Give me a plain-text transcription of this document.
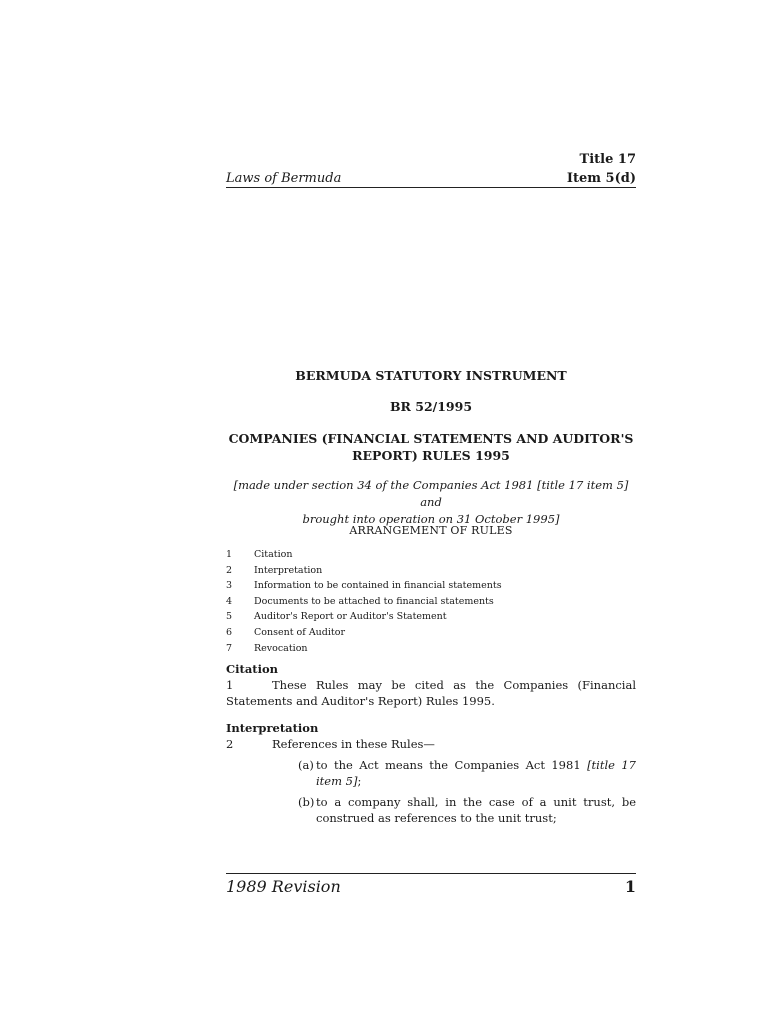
Title 17
Item 5(d)
Laws of Bermuda
BERMUDA STATUTORY INSTRUMENT
BR 52/1995
COMPANIES (FINANCIAL STATEMENTS AND AUDITOR'S
REPORT) RULES 1995
[made under section 34 of the Companies Act 1981 [title 17 item 5] and
brought into operation on 31 October 1995]
ARRANGEMENT OF RULES
1	Citation
2	Interpretation
3	Information to be contained in financial statements
4	Documents to be attached to financial statements
5	Auditor's Report or Auditor's Statement
6	Consent of Auditor
7	Revocation
Citation
1	These Rules may be cited as the Companies (Financial
Statements and Auditor's Report) Rules 1995.
Interpretation
2	References in these Rules—
(a) to the Act means the Companies Act 1981 [title 17 item 5];
(b) to a company shall, in the case of a unit trust, be construed as references to the unit trust;
1989 Revision	1
